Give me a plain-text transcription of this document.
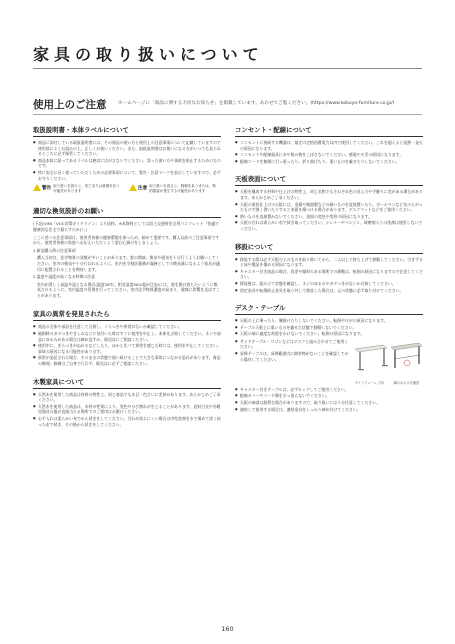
家具の取り扱いについて
使用上のご注意	ホームページに「商品に関する大切なお知らせ」を掲載しています。あわせてご覧ください。(https://www.kokuyo-furniture.co.jp/)
取扱説明書・本体ラベルについて
● 商品に添付している取扱説明書には、その商品の使い方と使用上の注意事項について記載していますので使用前によくお読みの上、正しくお使いください。また、取扱説明書はお使いになる方がいつでも見られるところに必ず保管してください。
● 商品本体に貼ってあるラベルは絶対にはがさないでください。誤った使い方や事故を防止するためのものです。
● 特に安全に長く使っていただくための必要事項について、警告・注意マークを表示していますので、必ずお守りください。
警告 取り扱いを誤ると、死亡または重傷を負う可能性があります
注意 取り扱いを誤ると、軽傷を負うまたは、物的損害が発生する可能性があります
適切な換気設計のお願い

(下記JOIFA「VOC対策ガイドライン」より抜粋。※本資料としては国土交通省住宅用パンフレット「快適で健康的な住宅で暮らすために」)

ここに述べる注意事項は、使用者皆様の健康環境を保つため、極めて重要です。購入以前のご注意事項ですから、使用者皆様の家庭へお伝えいただくよう望む心掛けをしましょう。

1.新品購入時の注意事項

購入当初は、化学物質の発散が多いことがあります。窓の開放、換気や通気を十分行うようお願いしてください。室内の換気や十分行われるように、室内を学校医薬備が義務としての換気量になるよう家具が適切に配置されることを期待します。

2.温度や湿度が高くなる時期の注意

室内が著しく高温多湿となる場合(温度28℃、相対湿度50%超が目安)には、窓を開け放ちたいように換気されるように、室内温度の管理を行ってください。室内化学物質濃度が高まり、健康に影響を及ぼすことがあります。

家具の異常を発見されたら
● 商品の全体や部品を注意して点検し、ぐらつきや異常がないか確認してください。
● 破損時のガタつきやきしみなどに気付いた時はすぐに使用を中止し、本体を点検してください。ネジや部品にゆるみがある場合は締め直すか、販売店にご相談ください。
● 使用中に、ぎらつきがぬれるなどしたり、ほかと比べて異常を感じた時には、使用を中止してください。事故の原因になる可能性があります。
● 異常が発見された場合、そのままの状態で使い続けることで大きな事故につながる恐れがあります。商品の修理、修繕はご自身で行わず、販売店に必ずご相談ください。
木製家具について
● 天然木を使用した商品は材料の特性上、同じ商品でも木目・色合いに差異があります。あらかじめご了承ください。
● 天然木を使用した商品は、木材の性質により、変色やひび割れが生じることがあります。直射日光や冷暖房器具の風が直接当たる場所でのご使用はお避けください。
● お手入れは柔らかい布でから拭きをしてください。汚れが落ちにくい場合は中性洗剤を水で薄めて固く絞った布で拭き、その後から拭きをしてください。
コンセント・配線について
● コンセントに接続する機器は、規定の定格消費電力以内で使用してください。これを超えると発熱・発火の原因になります。
● コンセントや配線器具に水や飲み物をこぼさないでください。感電や火災の原因になります。
● 配線コードを無理に引っ張ったり、折り曲げたり、重いものを載せたりしないでください。
天板表面について
● 天板を構成する材料や仕上げの特性上、同じ名称でもそれぞれ色の見え方や手触りに差がある場合があります。あらかじめご了承ください。
● 天板の塗装仕上げの天板には、金属や陶器製などの硬いものを直接置いたり、ボールペンなど先のとがったもので強く書いたりすると表面を傷つける場合があります。デスクマットなどをご使用ください。
● 熱いものを直接置かないでください。表面の変色や変形の原因になります。
● 天板の汚れは柔らかい布で拭き取ってください。シンナーやベンジン、研磨剤入りの洗剤は使用しないでください。
移設について
● 移設する際は必ず天板の上のものを取り除いてから、二人以上で持ち上げて移動してください。引きずると床や製品を傷める原因になります。
● キャスター付き商品の場合、段差や傾斜のある場所での移動は、転倒の原因になりますので注意してください。
● 移設後は、組み立て状態を確認し、ネジのゆるみやガタつきがないか点検してください。
● 固定金具や転倒防止金具を取り外して移設した場合は、元の状態に必ず取り付けてください。
デスク・テーブル
● 天板の上に乗ったり、腰掛けたりしないでください。転倒やけがの原因になります。
● テーブル天板上に重いものを載せた状態で移動しないでください。
● 天板の端に過度な荷重をかけないでください。転倒の原因になります。
● サイドテーブル・ワゴンなどはデスクと組み合わせてご使用ください。
● 昇降テーブルは、昇降範囲内に障害物がないことを確認してから操作してください。
サイドフレーム 方向	脚のゆるみを確認
● キャスター付きテーブルは、必ずロックしてご使用ください。
● 配線カバーやコード類を引っ張らないでください。
● 天板の端部は鋭利な場合がありますので、取り扱いには十分注意してください。
● 連結して使用する場合は、連結金具をしっかり締め付けてください。
160
